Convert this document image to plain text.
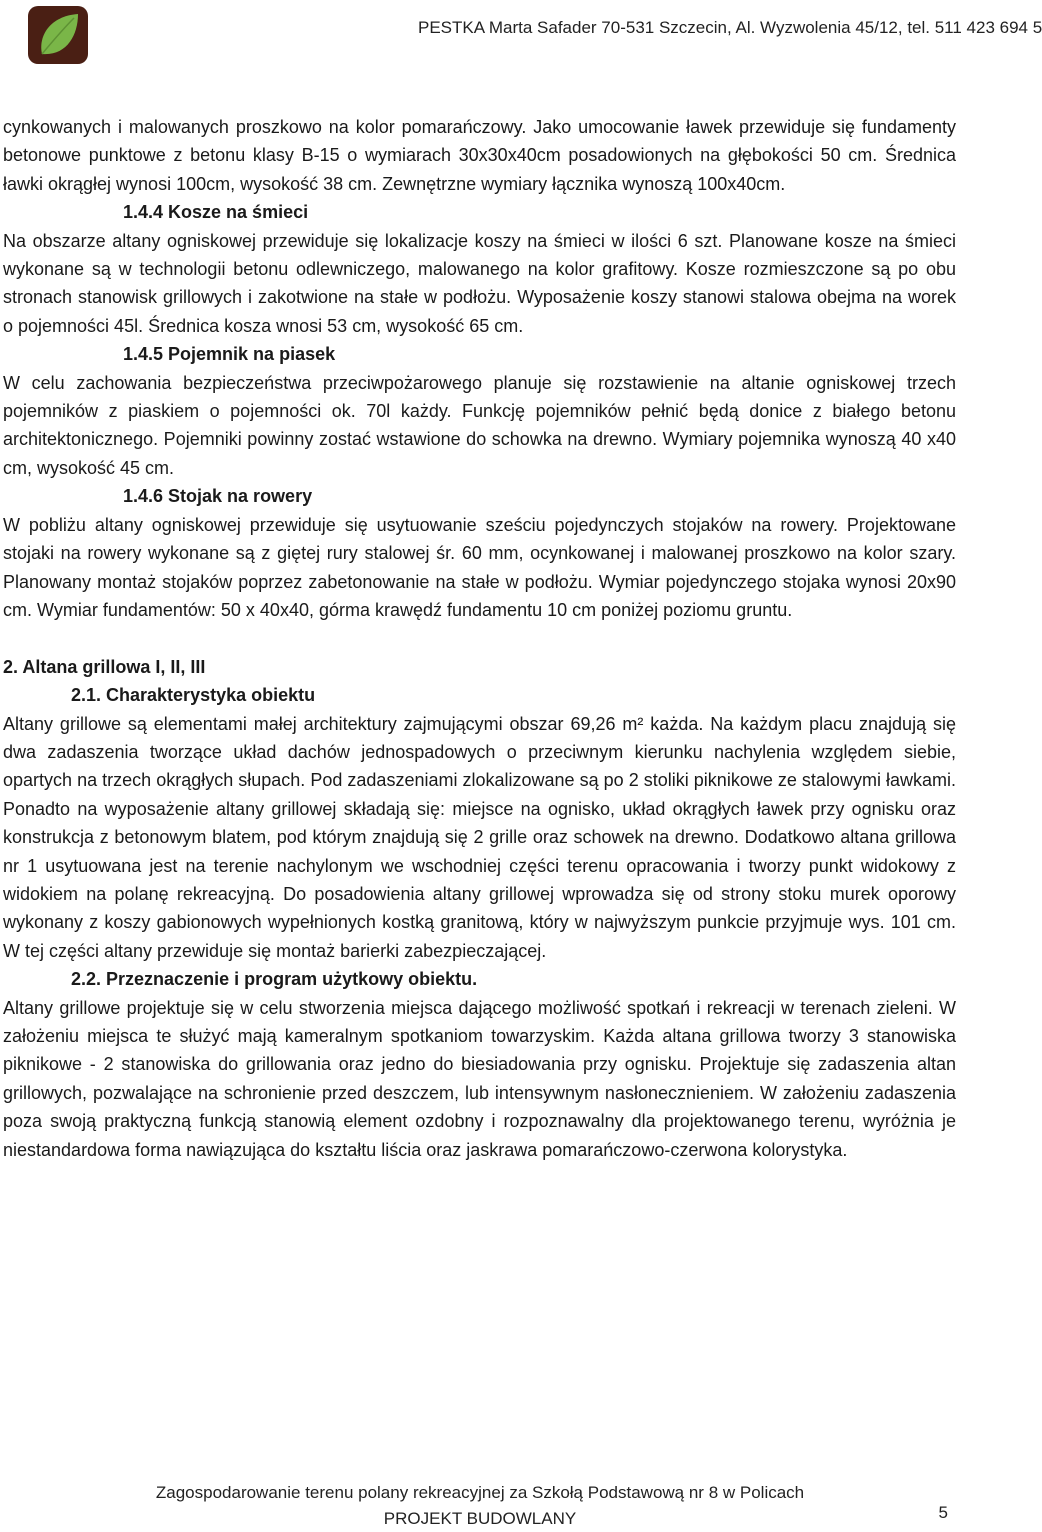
PESTKA Marta Safader 70-531 Szczecin, Al. Wyzwolenia 45/12, tel. 511 423 694 5

cynkowanych i malowanych proszkowo na kolor pomarańczowy. Jako umocowanie ławek przewiduje się fundamenty betonowe punktowe z betonu klasy B-15 o wymiarach 30x30x40cm posadowionych na głębokości 50 cm. Średnica ławki okrągłej wynosi 100cm, wysokość 38 cm. Zewnętrzne wymiary łącznika wynoszą 100x40cm.

1.4.4 Kosze na śmieci

Na obszarze altany ogniskowej przewiduje się lokalizacje koszy na śmieci w ilości 6 szt. Planowane kosze na śmieci wykonane są w technologii betonu odlewniczego, malowanego na kolor grafitowy. Kosze rozmieszczone są po obu stronach stanowisk grillowych i zakotwione na stałe w podłożu. Wyposażenie koszy stanowi stalowa obejma na worek o pojemności 45l. Średnica kosza wnosi 53 cm, wysokość 65 cm.

1.4.5 Pojemnik na piasek

W celu zachowania bezpieczeństwa przeciwpożarowego planuje się rozstawienie na altanie ogniskowej trzech pojemników z piaskiem o pojemności ok. 70l każdy. Funkcję pojemników pełnić będą donice z białego betonu architektonicznego. Pojemniki powinny zostać wstawione do schowka na drewno. Wymiary pojemnika wynoszą 40 x40 cm, wysokość 45 cm.

1.4.6 Stojak na rowery

W pobliżu altany ogniskowej przewiduje się usytuowanie sześciu pojedynczych stojaków na rowery. Projektowane stojaki na rowery wykonane są z giętej rury stalowej śr. 60 mm, ocynkowanej i malowanej proszkowo na kolor szary. Planowany montaż stojaków poprzez zabetonowanie na stałe w podłożu. Wymiar pojedynczego stojaka wynosi 20x90 cm. Wymiar fundamentów: 50 x 40x40, górma krawędź fundamentu 10 cm poniżej poziomu gruntu.

2. Altana grillowa I, II, III

2.1. Charakterystyka obiektu

Altany grillowe są elementami małej architektury zajmującymi obszar 69,26 m² każda. Na każdym placu znajdują się dwa zadaszenia tworzące układ dachów jednospadowych o przeciwnym kierunku nachylenia względem siebie, opartych na trzech okrągłych słupach. Pod zadaszeniami zlokalizowane są po 2 stoliki piknikowe ze stalowymi ławkami. Ponadto na wyposażenie altany grillowej składają się: miejsce na ognisko, układ okrągłych ławek przy ognisku oraz konstrukcja z betonowym blatem, pod którym znajdują się 2 grille oraz schowek na drewno. Dodatkowo altana grillowa nr 1 usytuowana jest na terenie nachylonym we wschodniej części terenu opracowania i tworzy punkt widokowy z widokiem na polanę rekreacyjną. Do posadowienia altany grillowej wprowadza się od strony stoku murek oporowy wykonany z koszy gabionowych wypełnionych kostką granitową, który w najwyższym punkcie przyjmuje wys. 101 cm. W tej części altany przewiduje się montaż barierki zabezpieczającej.

2.2. Przeznaczenie i program użytkowy obiektu.

Altany grillowe projektuje się w celu stworzenia miejsca dającego możliwość spotkań i rekreacji w terenach zieleni. W założeniu miejsca te służyć mają kameralnym spotkaniom towarzyskim. Każda altana grillowa tworzy 3 stanowiska piknikowe - 2 stanowiska do grillowania oraz jedno do biesiadowania przy ognisku. Projektuje się zadaszenia altan grillowych, pozwalające na schronienie przed deszczem, lub intensywnym nasłonecznieniem. W założeniu zadaszenia poza swoją praktyczną funkcją stanowią element ozdobny i rozpoznawalny dla projektowanego terenu, wyróżnia je niestandardowa forma nawiązująca do kształtu liścia oraz jaskrawa pomarańczowo-czerwona kolorystyka.

Zagospodarowanie terenu polany rekreacyjnej za Szkołą Podstawową nr 8 w Policach
PROJEKT BUDOWLANY	5
